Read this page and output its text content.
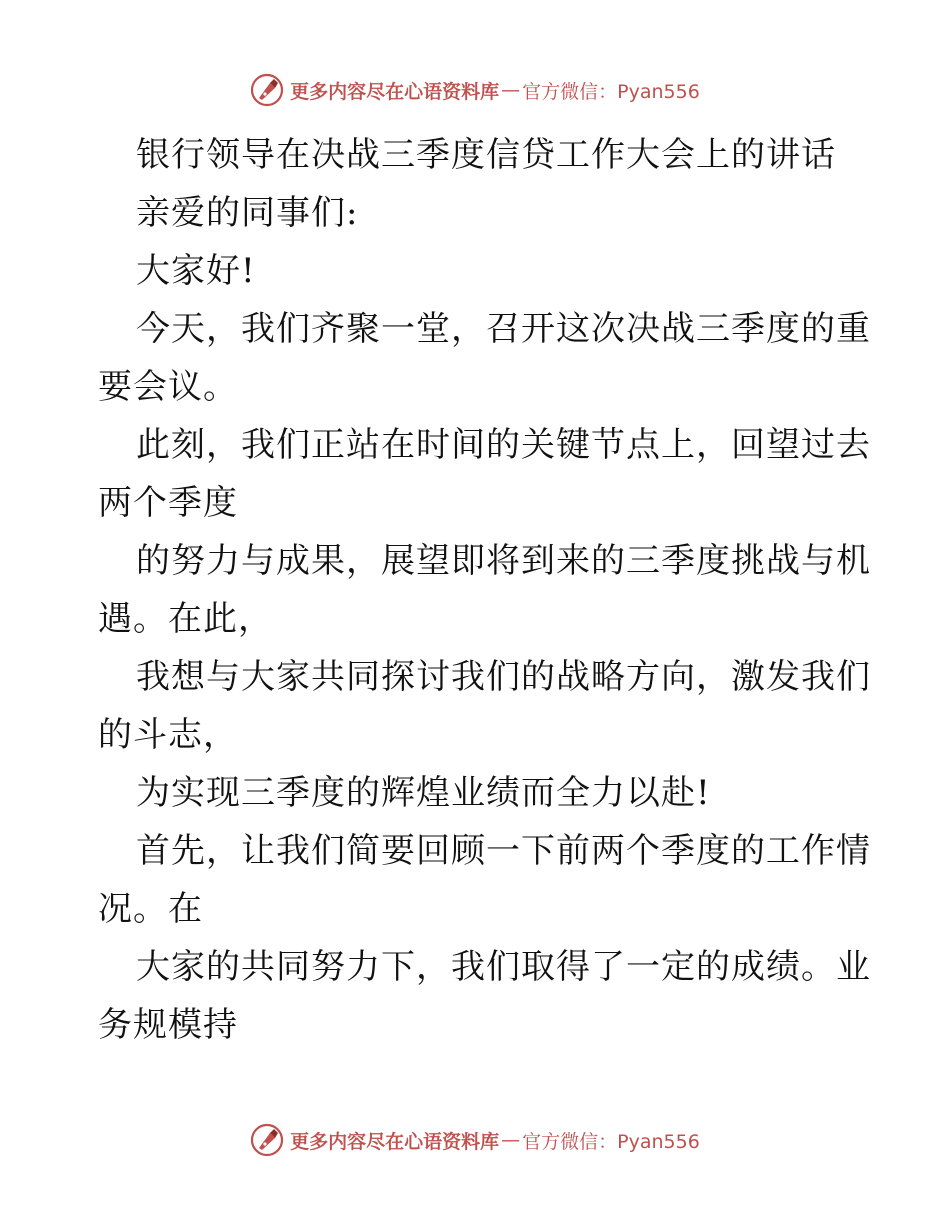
更多内容尽在心语资料库 — 官方微信：Pyan556
银行领导在决战三季度信贷工作大会上的讲话
亲爱的同事们:
大家好!
今天，我们齐聚一堂，召开这次决战三季度的重
要会议。
此刻，我们正站在时间的关键节点上，回望过去
两个季度
的努力与成果，展望即将到来的三季度挑战与机
遇。在此，
我想与大家共同探讨我们的战略方向，激发我们
的斗志，
为实现三季度的辉煌业绩而全力以赴!
首先，让我们简要回顾一下前两个季度的工作情
况。在
大家的共同努力下，我们取得了一定的成绩。业
务规模持
更多内容尽在心语资料库 — 官方微信：Pyan556
